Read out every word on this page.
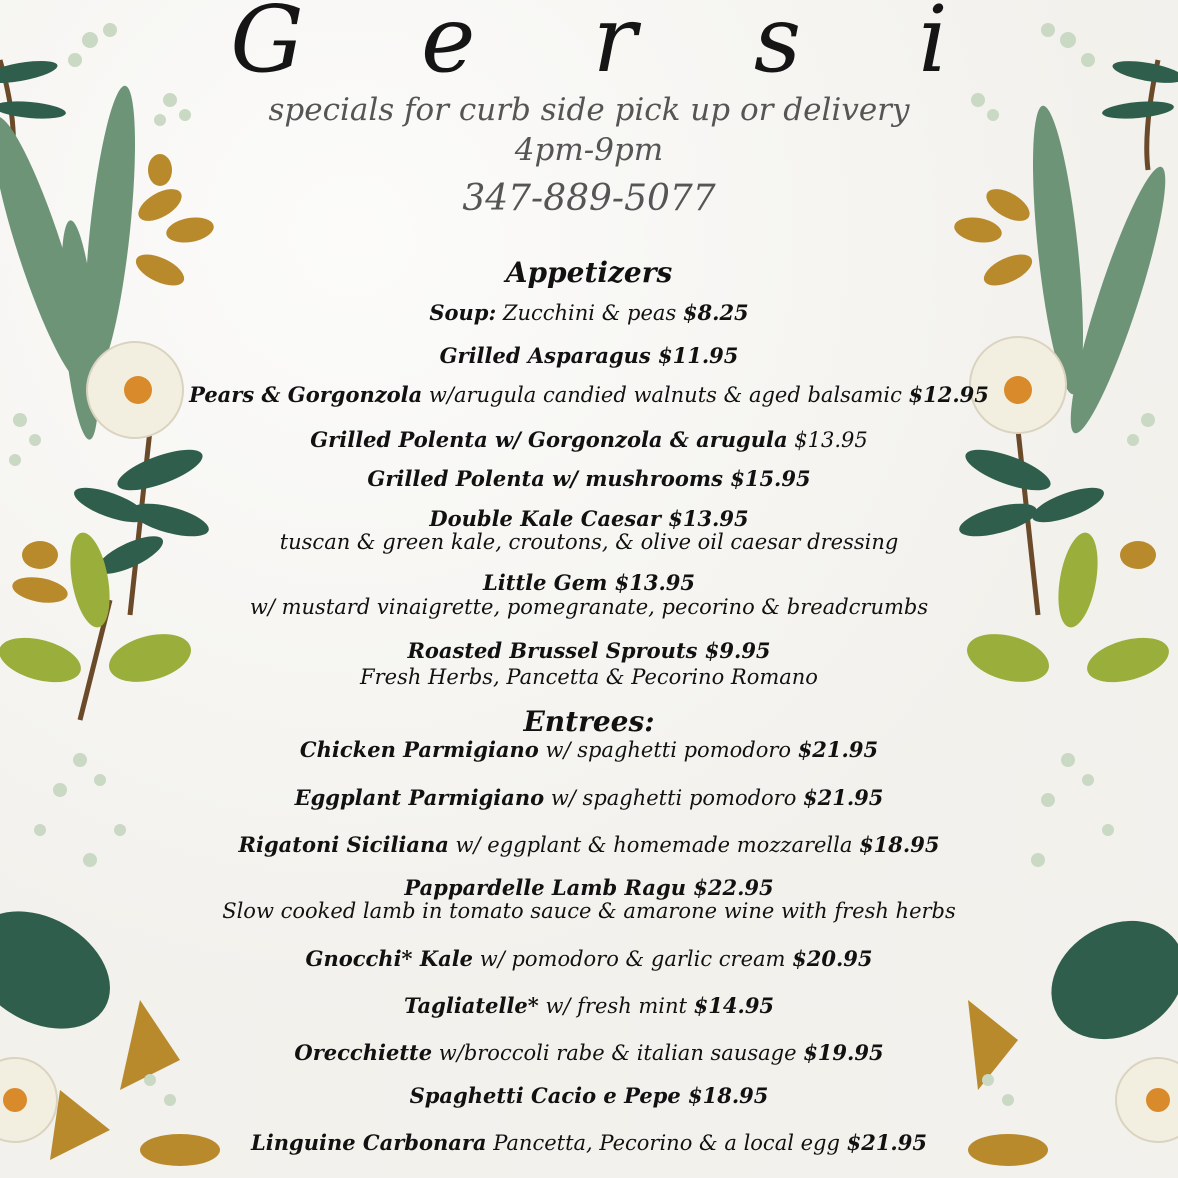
G e r s i
specials for curb side pick up or delivery
4pm-9pm
347-889-5077
Appetizers
Soup: Zucchini & peas $8.25
Grilled Asparagus $11.95
Pears & Gorgonzola w/arugula candied walnuts & aged balsamic $12.95
Grilled Polenta w/ Gorgonzola & arugula $13.95
Grilled Polenta w/ mushrooms $15.95
Double Kale Caesar $13.95
tuscan & green kale, croutons, & olive oil caesar dressing
Little Gem $13.95
w/ mustard vinaigrette, pomegranate, pecorino & breadcrumbs
Roasted Brussel Sprouts $9.95
Fresh Herbs, Pancetta & Pecorino Romano
Entrees:
Chicken Parmigiano w/ spaghetti pomodoro $21.95
Eggplant Parmigiano w/ spaghetti pomodoro $21.95
Rigatoni Siciliana w/ eggplant & homemade mozzarella $18.95
Pappardelle Lamb Ragu $22.95
Slow cooked lamb in tomato sauce & amarone wine with fresh herbs
Gnocchi* Kale w/ pomodoro & garlic cream $20.95
Tagliatelle* w/ fresh mint $14.95
Orecchiette w/broccoli rabe & italian sausage $19.95
Spaghetti Cacio e Pepe $18.95
Linguine Carbonara Pancetta, Pecorino & a local egg $21.95
